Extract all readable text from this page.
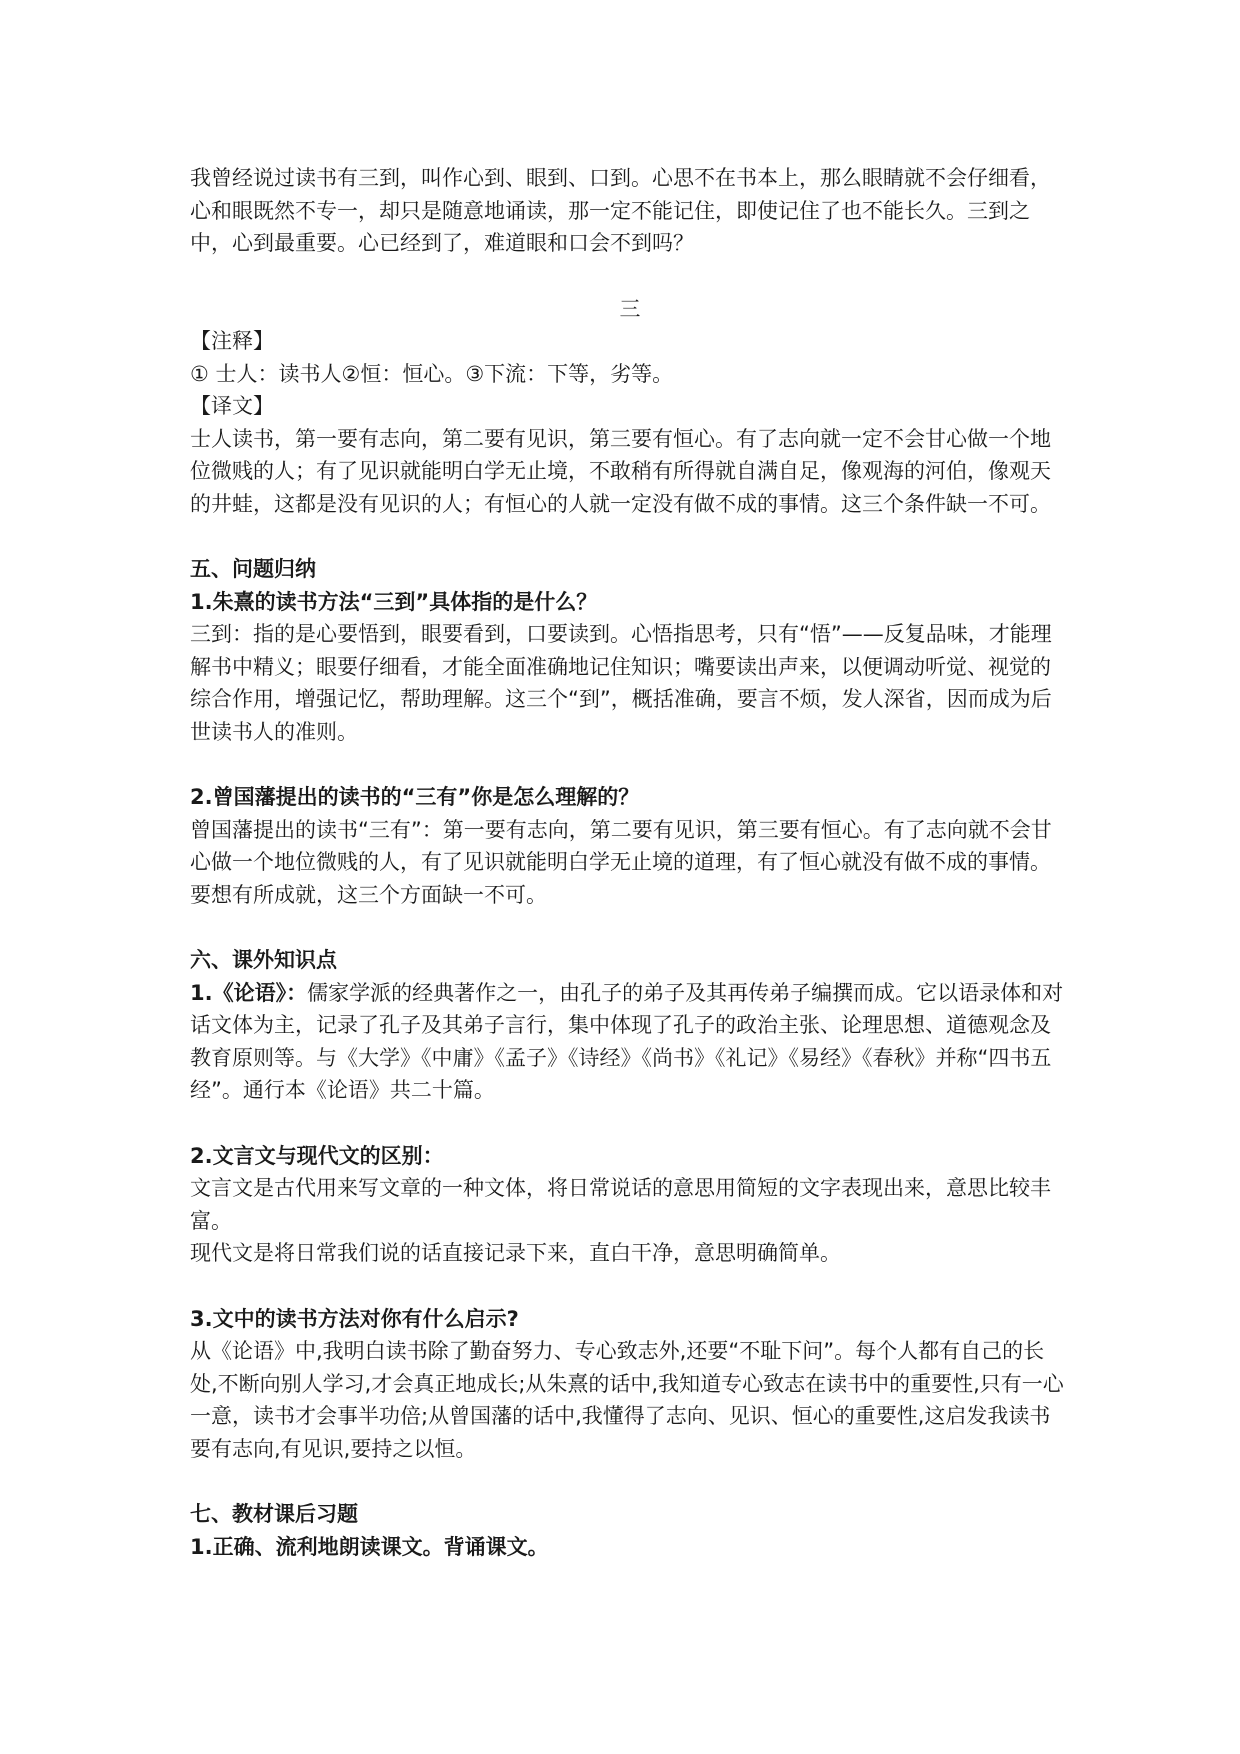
我曾经说过读书有三到，叫作心到、眼到、口到。心思不在书本上，那么眼睛就不会仔细看，心和眼既然不专一，却只是随意地诵读，那一定不能记住，即使记住了也不能长久。三到之中，心到最重要。心已经到了，难道眼和口会不到吗？

三

【注释】

① 士人：读书人②恒：恒心。③下流：下等，劣等。

【译文】

士人读书，第一要有志向，第二要有见识，第三要有恒心。有了志向就一定不会甘心做一个地位微贱的人；有了见识就能明白学无止境，不敢稍有所得就自满自足，像观海的河伯，像观天的井蛙，这都是没有见识的人；有恒心的人就一定没有做不成的事情。这三个条件缺一不可。

五、问题归纳

1.朱熹的读书方法“三到”具体指的是什么？

三到：指的是心要悟到，眼要看到，口要读到。心悟指思考，只有“悟”——反复品味，才能理解书中精义；眼要仔细看，才能全面准确地记住知识；嘴要读出声来，以便调动听觉、视觉的综合作用，增强记忆，帮助理解。这三个“到”，概括准确，要言不烦，发人深省，因而成为后世读书人的准则。

2.曾国藩提出的读书的“三有”你是怎么理解的？

曾国藩提出的读书“三有”：第一要有志向，第二要有见识，第三要有恒心。有了志向就不会甘心做一个地位微贱的人，有了见识就能明白学无止境的道理，有了恒心就没有做不成的事情。要想有所成就，这三个方面缺一不可。

六、课外知识点

1.《论语》：儒家学派的经典著作之一，由孔子的弟子及其再传弟子编撰而成。它以语录体和对话文体为主，记录了孔子及其弟子言行，集中体现了孔子的政治主张、论理思想、道德观念及教育原则等。与《大学》《中庸》《孟子》《诗经》《尚书》《礼记》《易经》《春秋》并称“四书五经”。通行本《论语》共二十篇。

2.文言文与现代文的区别：

文言文是古代用来写文章的一种文体，将日常说话的意思用简短的文字表现出来，意思比较丰富。

现代文是将日常我们说的话直接记录下来，直白干净，意思明确简单。

3.文中的读书方法对你有什么启示?

从《论语》中,我明白读书除了勤奋努力、专心致志外,还要“不耻下问”。每个人都有自己的长处,不断向别人学习,才会真正地成长;从朱熹的话中,我知道专心致志在读书中的重要性,只有一心一意，读书才会事半功倍;从曾国藩的话中,我懂得了志向、见识、恒心的重要性,这启发我读书要有志向,有见识,要持之以恒。

七、教材课后习题

1.正确、流利地朗读课文。背诵课文。
